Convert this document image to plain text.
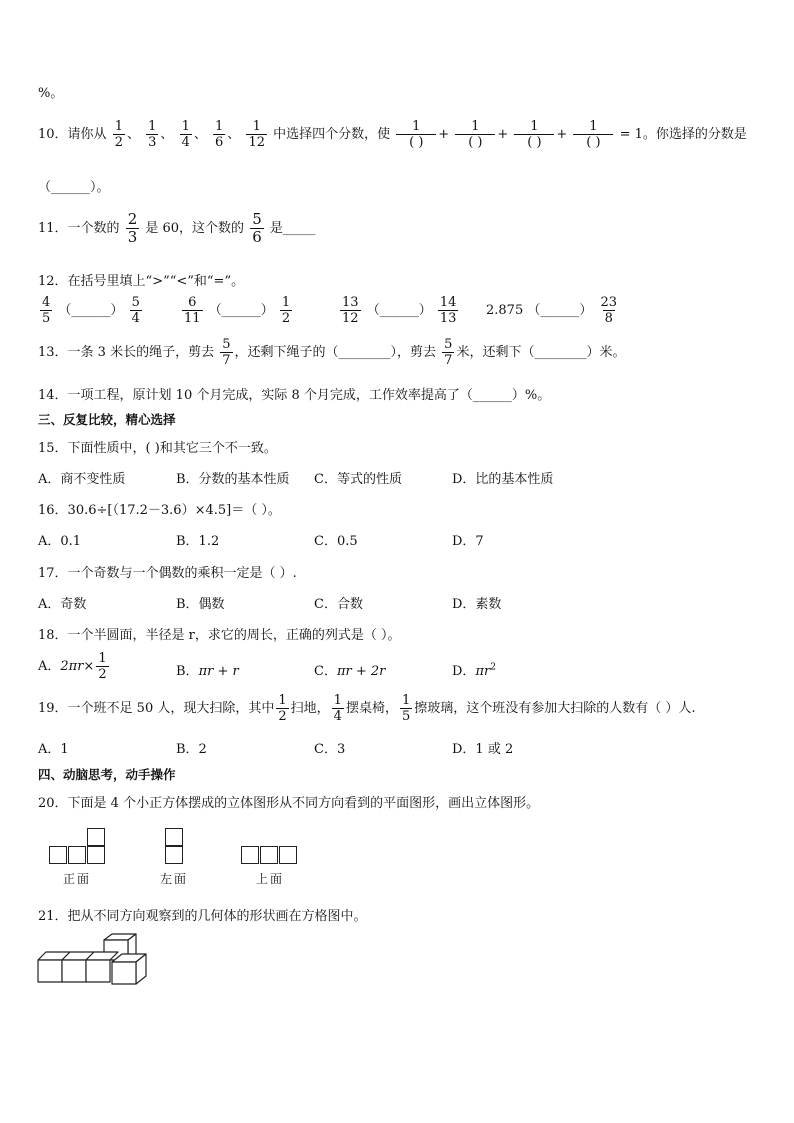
%。
10．请你从 $\frac{1}{2}$ 、 $\frac{1}{3}$ 、 $\frac{1}{4}$ 、 $\frac{1}{6}$ 、 $\frac{1}{12}$ 中选择四个分数，使 $\frac{1}{( )} + \frac{1}{( )} + \frac{1}{( )} + \frac{1}{( )} = 1$。你选择的分数是
（______）。
11．一个数的 $\frac{2}{3}$ 是 60，这个数的 $\frac{5}{6}$ 是_____
12．在括号里填上“>”“<”和“=”。
$\frac{4}{5}$ （______） $\frac{5}{4}$	$\frac{6}{11}$ （______） $\frac{1}{2}$	$\frac{13}{12}$ （______） $\frac{14}{13} 2.875$ （______） $\frac{23}{8}$
13．一条 3 米长的绳子，剪去 $\frac{5}{7}$ ，还剩下绳子的（________），剪去 $\frac{5}{7}$ 米，还剩下（________）米。
14．一项工程，原计划 10 个月完成，实际 8 个月完成，工作效率提高了（______）%。
三、反复比较，精心选择
15．下面性质中，( )和其它三个不一致。
A．商不变性质	B．分数的基本性质 C．等式的性质	D．比的基本性质
16．30.6÷[（17.2－3.6）×4.5]＝（ ）。
A．0.1	B．1.2	C．0.5	D．7
17．一个奇数与一个偶数的乘积一定是（ ）.
A．奇数	B．偶数	C．合数	D．素数
18．一个半圆面，半径是 r，求它的周长，正确的列式是（ ）。
A．$2\pi r\times \frac{1}{2}$	B．πr + r	C．πr + 2r	D．$\pi r^2$
19．一个班不足 50 人，现大扫除，其中 $\frac{1}{2}$ 扫地， $\frac{1}{4}$ 摆桌椅， $\frac{1}{5}$ 擦玻璃，这个班没有参加大扫除的人数有（ ）人.
A．1	B．2	C．3	D．1 或 2
四、动脑思考，动手操作
20．下面是 4 个小正方体摆成的立体图形从不同方向看到的平面图形，画出立体图形。
正面	左面	上面
21．把从不同方向观察到的几何体的形状画在方格图中。
